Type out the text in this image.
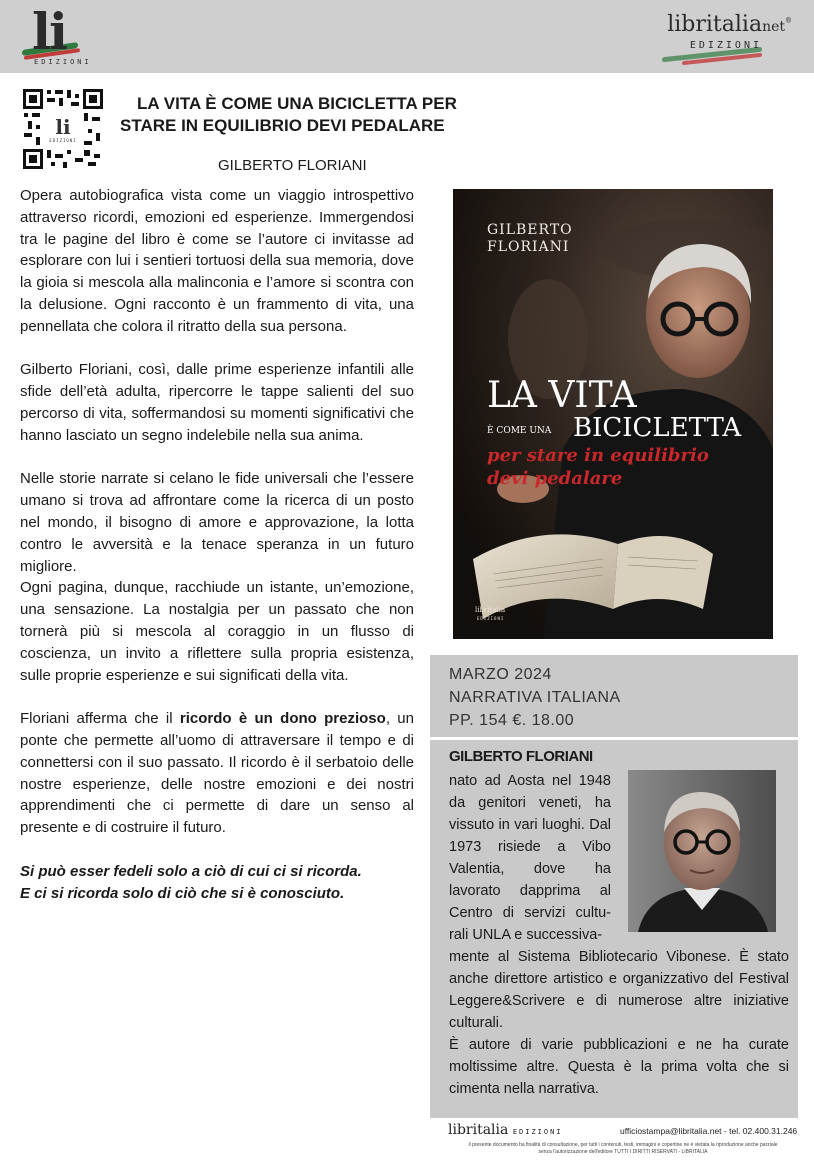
li
EDIZIONI
libritalianet®
EDIZIONI
li
EDIZIONI
LA VITA È COME UNA BICICLETTA PER
STARE IN EQUILIBRIO DEVI PEDALARE
GILBERTO FLORIANI

Opera autobiografica vista come un viaggio introspettivo attraverso ricordi, emozioni ed esperienze. Immergendosi tra le pagine del libro è come se l’autore ci invitasse ad esplorare con lui i sentieri tortuosi della sua memoria, dove la gioia si mescola alla malinconia e l’amore si scontra con la delusione. Ogni racconto è un frammento di vita, una pennellata che colora il ritratto della sua persona.

Gilberto Floriani, così, dalle prime esperienze infantili alle sfide dell’età adulta, ripercorre le tappe salienti del suo percorso di vita, soffermandosi su momenti significativi che hanno lasciato un segno indelebile nella sua anima.

Nelle storie narrate si celano le fide universali che l’essere umano si trova ad affrontare come la ricerca di un posto nel mondo, il bisogno di amore e approvazione, la lotta contro le avversità e la tenace speranza in un futuro migliore.

Ogni pagina, dunque, racchiude un istante, un’emozione, una sensazione. La nostalgia per un passato che non tornerà più si mescola al coraggio in un flusso di coscienza, un invito a riflettere sulla propria esistenza, sulle proprie esperienze e sui significati della vita.

Floriani afferma che il ricordo è un dono prezioso, un ponte che permette all’uomo di attraversare il tempo e di connettersi con il suo passato. Il ricordo è il serbatoio delle nostre esperienze, delle nostre emozioni e dei nostri apprendimenti che ci permette di dare un senso al presente e di costruire il futuro.

Si può esser fedeli solo a ciò di cui ci si ricorda.
E ci si ricorda solo di ciò che si è conosciuto.

GILBERTO
FLORIANI
LA VITA
È COME UNA BICICLETTA
per stare in equilibrio
devi pedalare
libritalia
EDIZIONI
MARZO 2024
NARRATIVA ITALIANA
PP. 154 €. 18.00
GILBERTO FLORIANI
nato ad Aosta nel 1948 da genitori veneti, ha vissuto in vari luoghi. Dal 1973 risiede a Vibo Valentia, dove ha lavorato dapprima al Centro di servizi cultu-rali UNLA e successiva-

mente al Sistema Bibliotecario Vibonese. È stato anche direttore artistico e organizzativo del Festival Leggere&Scrivere e di numerose altre iniziative culturali.

È autore di varie pubblicazioni e ne ha curate moltissime altre. Questa è la prima volta che si cimenta nella narrativa.

libritalia EDIZIONI	ufficiostampa@libritalia.net - tel. 02.400.31.246
il presente documento ha finalità di consultazione, per tutti i contenuti, testi, immagini e copertine ne è vietata la riproduzione anche parziale
senza l'autorizzazione dell'editore TUTTI I DIRITTI RISERVATI - LIBRITALIA
